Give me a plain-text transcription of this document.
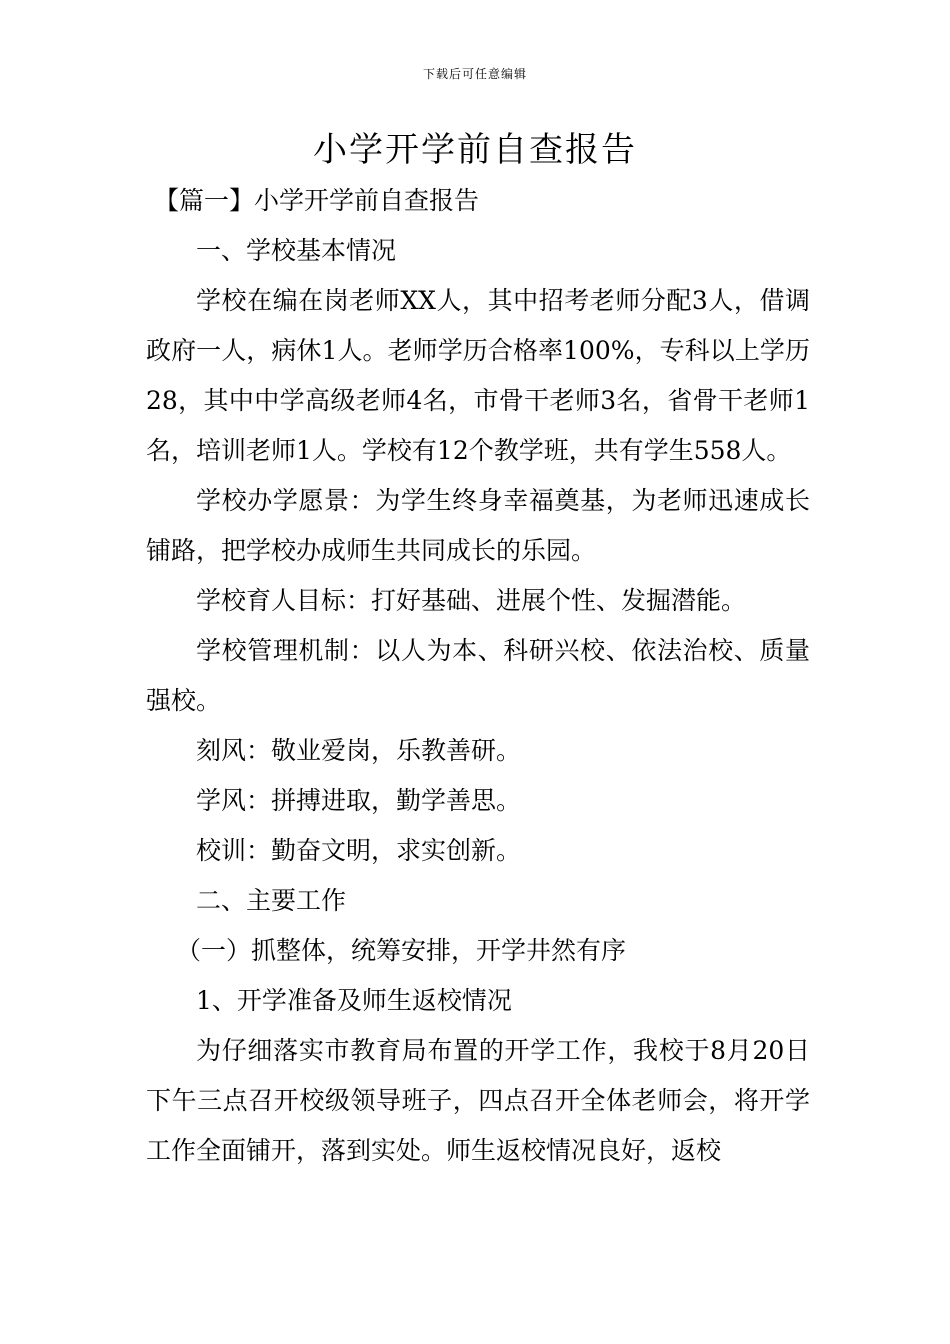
下载后可任意编辑
小学开学前自查报告

【篇一】小学开学前自查报告

一、学校基本情况

学校在编在岗老师XX人，其中招考老师分配3人，借调政府一人，病休1人。老师学历合格率100%，专科以上学历28，其中中学高级老师4名，市骨干老师3名，省骨干老师1名，培训老师1人。学校有12个教学班，共有学生558人。

学校办学愿景：为学生终身幸福奠基，为老师迅速成长铺路，把学校办成师生共同成长的乐园。

学校育人目标：打好基础、进展个性、发掘潜能。

学校管理机制：以人为本、科研兴校、依法治校、质量强校。

刻风：敬业爱岗，乐教善研。

学风：拼搏进取，勤学善思。

校训：勤奋文明，求实创新。

二、主要工作

（一）抓整体，统筹安排，开学井然有序

1、开学准备及师生返校情况

为仔细落实市教育局布置的开学工作，我校于8月20日下午三点召开校级领导班子，四点召开全体老师会，将开学工作全面铺开，落到实处。师生返校情况良好，返校
